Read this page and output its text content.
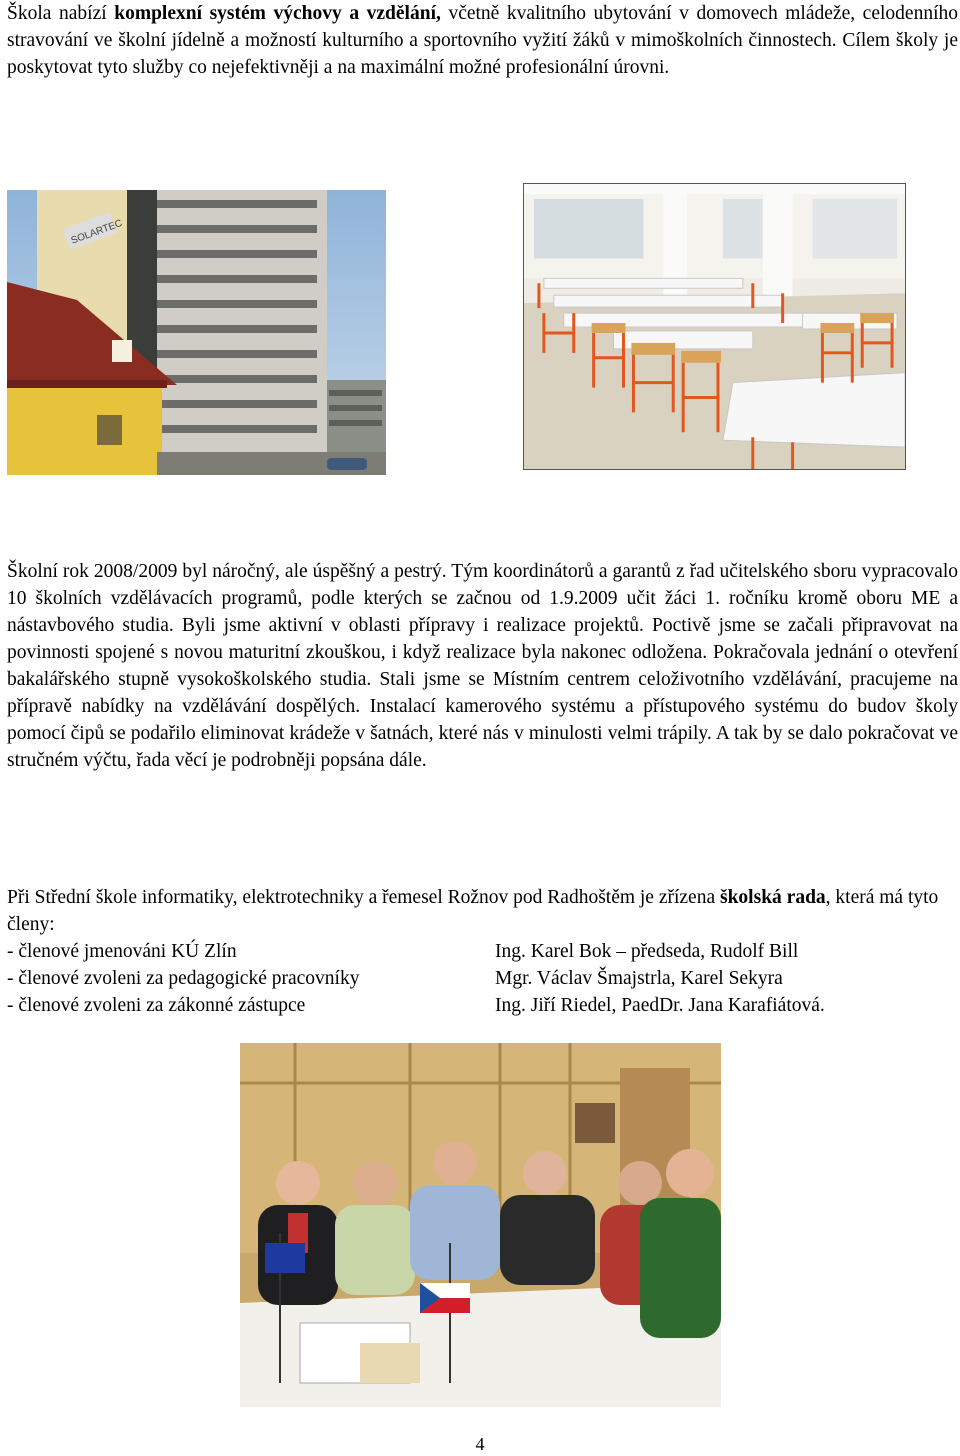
Škola nabízí komplexní systém výchovy a vzdělání, včetně kvalitního ubytování v domovech mládeže, celodenního stravování ve školní jídelně a možností kulturního a sportovního vyžití žáků v mimoškolních činnostech. Cílem školy je poskytovat tyto služby co nejefektivněji a na maximální možné profesionální úrovni.

SOLARTEC

Školní rok 2008/2009 byl náročný, ale úspěšný a pestrý. Tým koordinátorů a garantů z řad učitelského sboru vypracovalo 10 školních vzdělávacích programů, podle kterých se začnou od 1.9.2009 učit žáci 1. ročníku kromě oboru ME a nástavbového studia. Byli jsme aktivní v oblasti přípravy i realizace projektů. Poctivě jsme se začali připravovat na povinnosti spojené s novou maturitní zkouškou, i když realizace byla nakonec odložena. Pokračovala jednání o otevření bakalářského stupně vysokoškolského studia. Stali jsme se Místním centrem celoživotního vzdělávání, pracujeme na přípravě nabídky na vzdělávání dospělých. Instalací kamerového systému a přístupového systému do budov školy pomocí čipů se podařilo eliminovat krádeže v šatnách, které nás v minulosti velmi trápily. A tak by se dalo pokračovat ve stručném výčtu, řada věcí je podrobněji popsána dále.

Při Střední škole informatiky, elektrotechniky a řemesel Rožnov pod Radhoštěm je zřízena školská rada, která má tyto členy:

- členové jmenováni KÚ Zlín	Ing. Karel Bok – předseda, Rudolf Bill
- členové zvoleni za pedagogické pracovníky	Mgr. Václav Šmajstrla, Karel Sekyra
- členové zvoleni za zákonné zástupce	Ing. Jiří Riedel, PaedDr. Jana Karafiátová.
4
